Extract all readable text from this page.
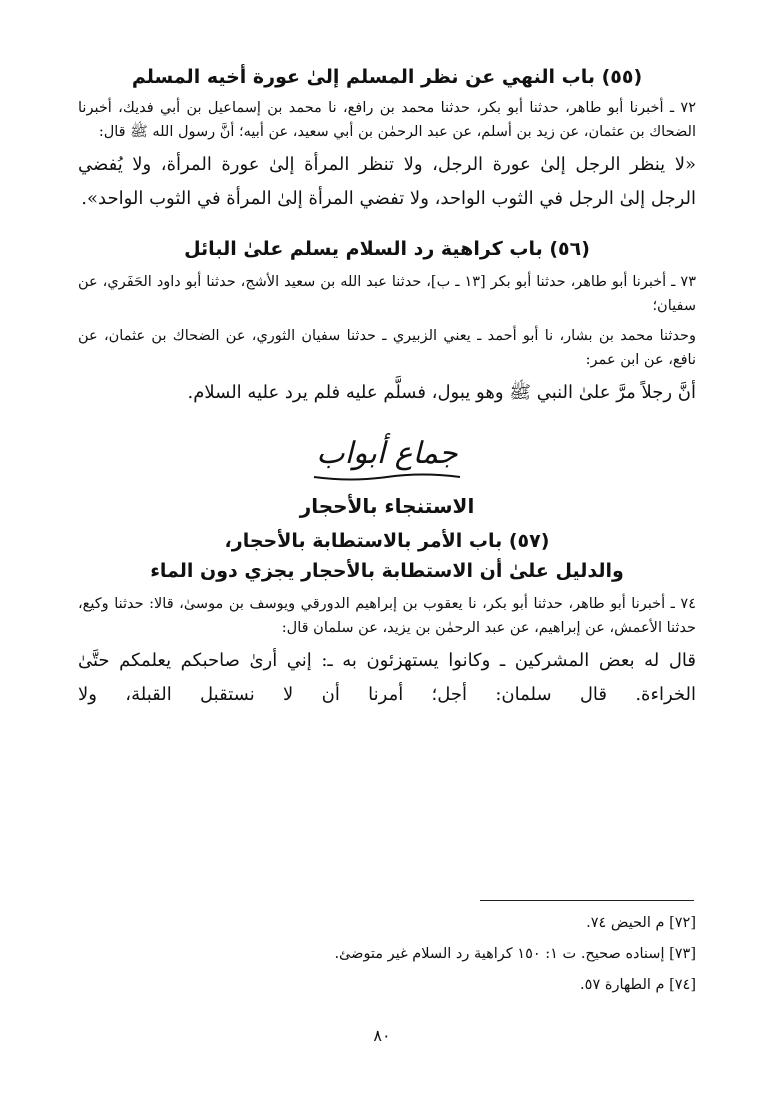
(٥٥) باب النهي عن نظر المسلم إلىٰ عورة أخيه المسلم

٧٢ ـ أخبرنا أبو طاهر، حدثنا أبو بكر، حدثنا محمد بن رافع، نا محمد بن إسماعيل بن أبي فديك، أخبرنا الضحاك بن عثمان، عن زيد بن أسلم، عن عبد الرحمٰن بن أبي سعيد، عن أبيه؛ أنَّ رسول الله ﷺ قال:

«لا ينظر الرجل إلىٰ عورة الرجل، ولا تنظر المرأة إلىٰ عورة المرأة، ولا يُفضي الرجل إلىٰ الرجل في الثوب الواحد، ولا تفضي المرأة إلىٰ المرأة في الثوب الواحد».

(٥٦) باب كراهية رد السلام يسلم علىٰ البائل

٧٣ ـ أخبرنا أبو طاهر، حدثنا أبو بكر [١٣ ـ ب]، حدثنا عبد الله بن سعيد الأشج، حدثنا أبو داود الحَفَري، عن سفيان؛

وحدثنا محمد بن بشار، نا أبو أحمد ـ يعني الزبيري ـ حدثنا سفيان الثوري، عن الضحاك بن عثمان، عن نافع، عن ابن عمر:

أنَّ رجلاً مرَّ علىٰ النبي ﷺ وهو يبول، فسلَّم عليه فلم يرد عليه السلام.

جماع أبواب
الاستنجاء بالأحجار
(٥٧) باب الأمر بالاستطابة بالأحجار،
والدليل علىٰ أن الاستطابة بالأحجار يجزي دون الماء

٧٤ ـ أخبرنا أبو طاهر، حدثنا أبو بكر، نا يعقوب بن إبراهيم الدورقي ويوسف بن موسىٰ، قالا: حدثنا وكيع، حدثنا الأعمش، عن إبراهيم، عن عبد الرحمٰن بن يزيد، عن سلمان قال:

قال له بعض المشركين ـ وكانوا يستهزئون به ـ: إني أرىٰ صاحبكم يعلمكم حتَّىٰ الخراءة. قال سلمان: أجل؛ أمرنا أن لا نستقبل القبلة، ولا

[٧٢] م الحيض ٧٤.

[٧٣] إسناده صحيح. ت ١: ١٥٠ كراهية رد السلام غير متوضئ.

[٧٤] م الطهارة ٥٧.

٨٠
